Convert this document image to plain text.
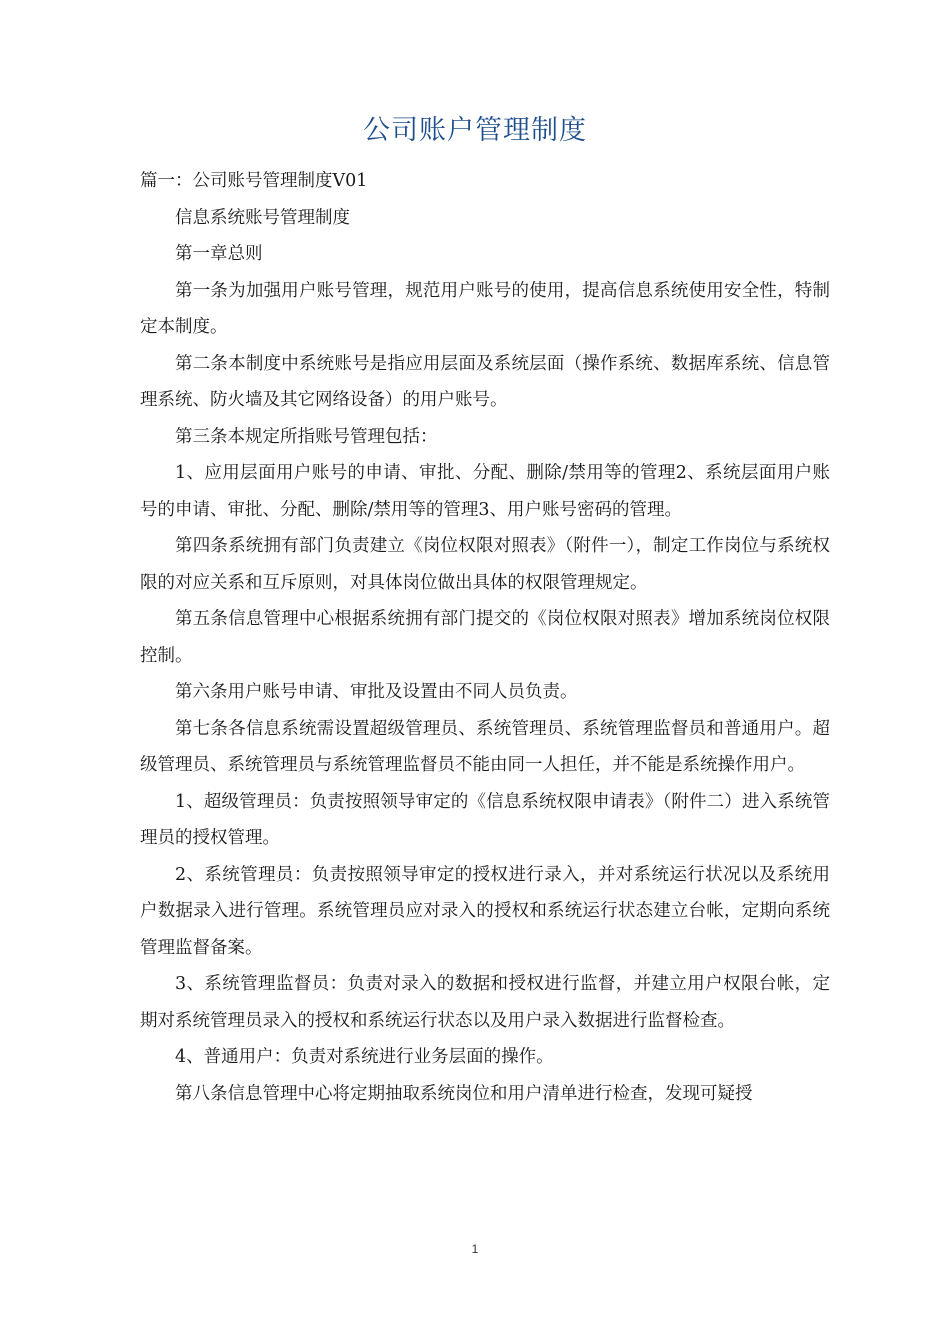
公司账户管理制度

篇一：公司账号管理制度V01

信息系统账号管理制度

第一章总则

第一条为加强用户账号管理，规范用户账号的使用，提高信息系统使用安全性，特制定本制度。

第二条本制度中系统账号是指应用层面及系统层面（操作系统、数据库系统、信息管理系统、防火墙及其它网络设备）的用户账号。

第三条本规定所指账号管理包括：

1、应用层面用户账号的申请、审批、分配、删除/禁用等的管理2、系统层面用户账号的申请、审批、分配、删除/禁用等的管理3、用户账号密码的管理。

第四条系统拥有部门负责建立《岗位权限对照表》（附件一），制定工作岗位与系统权限的对应关系和互斥原则，对具体岗位做出具体的权限管理规定。

第五条信息管理中心根据系统拥有部门提交的《岗位权限对照表》增加系统岗位权限控制。

第六条用户账号申请、审批及设置由不同人员负责。

第七条各信息系统需设置超级管理员、系统管理员、系统管理监督员和普通用户。超级管理员、系统管理员与系统管理监督员不能由同一人担任，并不能是系统操作用户。

1、超级管理员：负责按照领导审定的《信息系统权限申请表》（附件二）进入系统管理员的授权管理。

2、系统管理员：负责按照领导审定的授权进行录入，并对系统运行状况以及系统用户数据录入进行管理。系统管理员应对录入的授权和系统运行状态建立台帐，定期向系统管理监督备案。

3、系统管理监督员：负责对录入的数据和授权进行监督，并建立用户权限台帐，定期对系统管理员录入的授权和系统运行状态以及用户录入数据进行监督检查。

4、普通用户：负责对系统进行业务层面的操作。

第八条信息管理中心将定期抽取系统岗位和用户清单进行检查，发现可疑授

1
